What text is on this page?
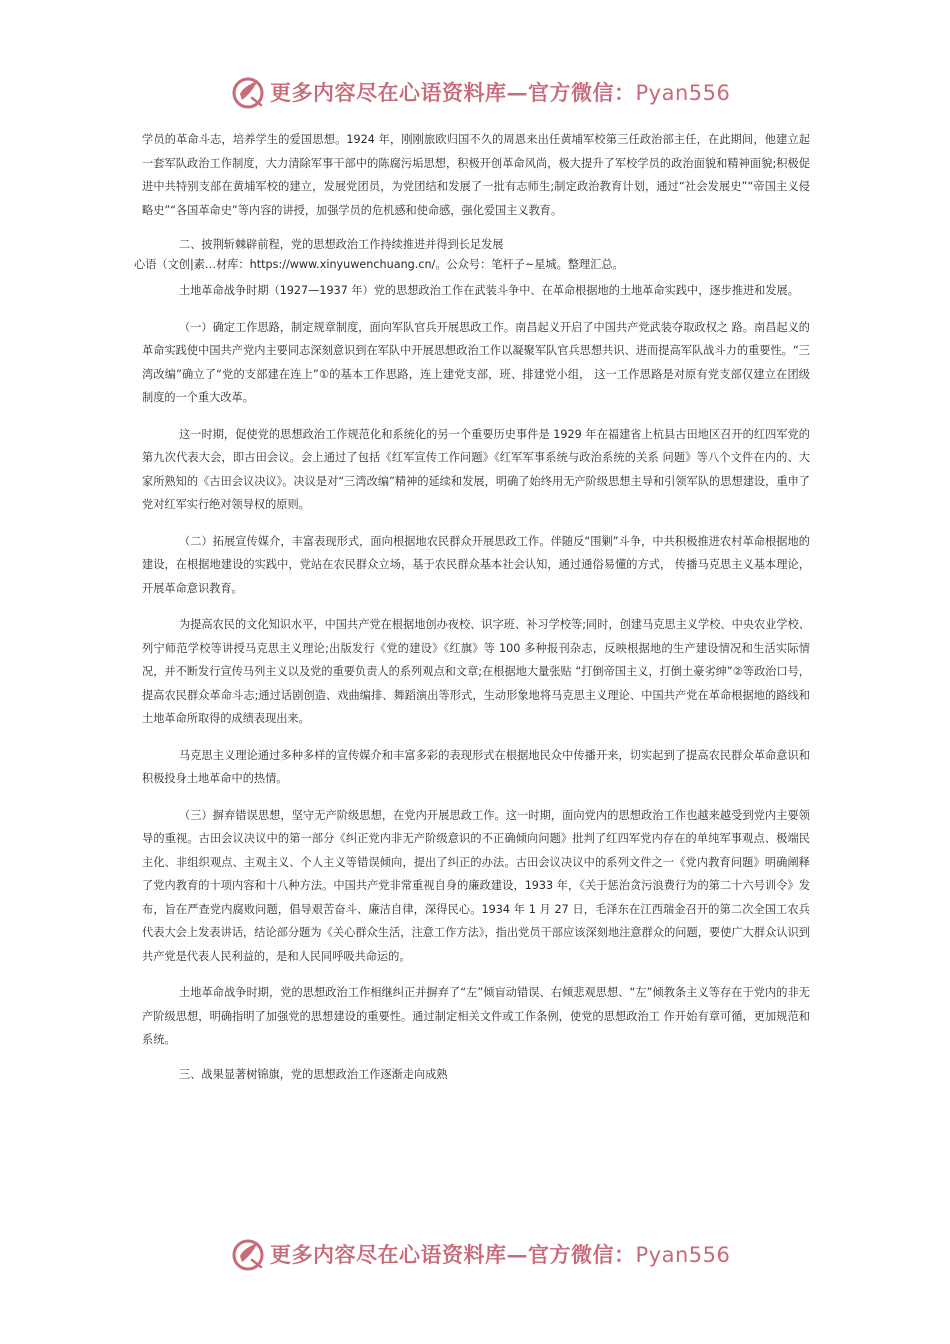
更多内容尽在心语资料库—官方微信：Pyan556

学员的革命斗志，培养学生的爱国思想。1924 年，刚刚旅欧归国不久的周恩来出任黄埔军校第三任政治部主任，在此期间，他建立起一套军队政治工作制度，大力清除军事干部中的陈腐污垢思想，积极开创革命风尚，极大提升了军校学员的政治面貌和精神面貌;积极促进中共特别支部在黄埔军校的建立，发展党团员，为党团结和发展了一批有志师生;制定政治教育计划，通过“社会发展史”“帝国主义侵略史”“各国革命史”等内容的讲授，加强学员的危机感和使命感，强化爱国主义教育。

二、披荆斩棘辟前程，党的思想政治工作持续推进并得到长足发展

心语（文创|素…材库：https://www.xinyuwenchuang.cn/。公众号：笔杆子~星城。整理汇总。

土地革命战争时期（1927—1937 年）党的思想政治工作在武装斗争中、在革命根据地的土地革命实践中，逐步推进和发展。

（一）确定工作思路，制定规章制度，面向军队官兵开展思政工作。南昌起义开启了中国共产党武装夺取政权之 路。南昌起义的革命实践使中国共产党内主要同志深刻意识到在军队中开展思想政治工作以凝聚军队官兵思想共识、进而提高军队战斗力的重要性。“三湾改编”确立了“党的支部建在连上”①的基本工作思路，连上建党支部，班、排建党小组， 这一工作思路是对原有党支部仅建立在团级制度的一个重大改革。

这一时期，促使党的思想政治工作规范化和系统化的另一个重要历史事件是 1929 年在福建省上杭县古田地区召开的红四军党的第九次代表大会，即古田会议。会上通过了包括《红军宣传工作问题》《红军军事系统与政治系统的关系 问题》等八个文件在内的、大家所熟知的《古田会议决议》。决议是对“三湾改编”精神的延续和发展，明确了始终用无产阶级思想主导和引领军队的思想建设，重申了党对红军实行绝对领导权的原则。

（二）拓展宣传媒介，丰富表现形式，面向根据地农民群众开展思政工作。伴随反“围剿”斗争，中共积极推进农村革命根据地的建设，在根据地建设的实践中，党站在农民群众立场，基于农民群众基本社会认知，通过通俗易懂的方式， 传播马克思主义基本理论，开展革命意识教育。

为提高农民的文化知识水平，中国共产党在根据地创办夜校、识字班、补习学校等;同时，创建马克思主义学校、中央农业学校、列宁师范学校等讲授马克思主义理论;出版发行《党的建设》《红旗》等 100 多种报刊杂志，反映根据地的生产建设情况和生活实际情况，并不断发行宣传马列主义以及党的重要负责人的系列观点和文章;在根据地大量张贴 “打倒帝国主义，打倒土豪劣绅”②等政治口号，提高农民群众革命斗志;通过话剧创造、戏曲编排、舞蹈演出等形式，生动形象地将马克思主义理论、中国共产党在革命根据地的路线和土地革命所取得的成绩表现出来。

马克思主义理论通过多种多样的宣传媒介和丰富多彩的表现形式在根据地民众中传播开来，切实起到了提高农民群众革命意识和积极投身土地革命中的热情。

（三）摒弃错误思想，坚守无产阶级思想，在党内开展思政工作。这一时期，面向党内的思想政治工作也越来越受到党内主要领导的重视。古田会议决议中的第一部分《纠正党内非无产阶级意识的不正确倾向问题》批判了红四军党内存在的单纯军事观点、极端民主化、非组织观点、主观主义、个人主义等错误倾向，提出了纠正的办法。古田会议决议中的系列文件之一《党内教育问题》明确阐释了党内教育的十项内容和十八种方法。中国共产党非常重视自身的廉政建设，1933 年，《关于惩治贪污浪费行为的第二十六号训令》发布，旨在严查党内腐败问题，倡导艰苦奋斗、廉洁自律，深得民心。1934 年 1 月 27 日，毛泽东在江西瑞金召开的第二次全国工农兵代表大会上发表讲话，结论部分题为《关心群众生活，注意工作方法》，指出党员干部应该深刻地注意群众的问题，要使广大群众认识到共产党是代表人民利益的，是和人民同呼吸共命运的。

土地革命战争时期，党的思想政治工作相继纠正并摒弃了“左”倾盲动错误、右倾悲观思想、“左”倾教条主义等存在于党内的非无产阶级思想，明确指明了加强党的思想建设的重要性。通过制定相关文件或工作条例，使党的思想政治工 作开始有章可循，更加规范和系统。

三、战果显著树锦旗，党的思想政治工作逐渐走向成熟

更多内容尽在心语资料库—官方微信：Pyan556
